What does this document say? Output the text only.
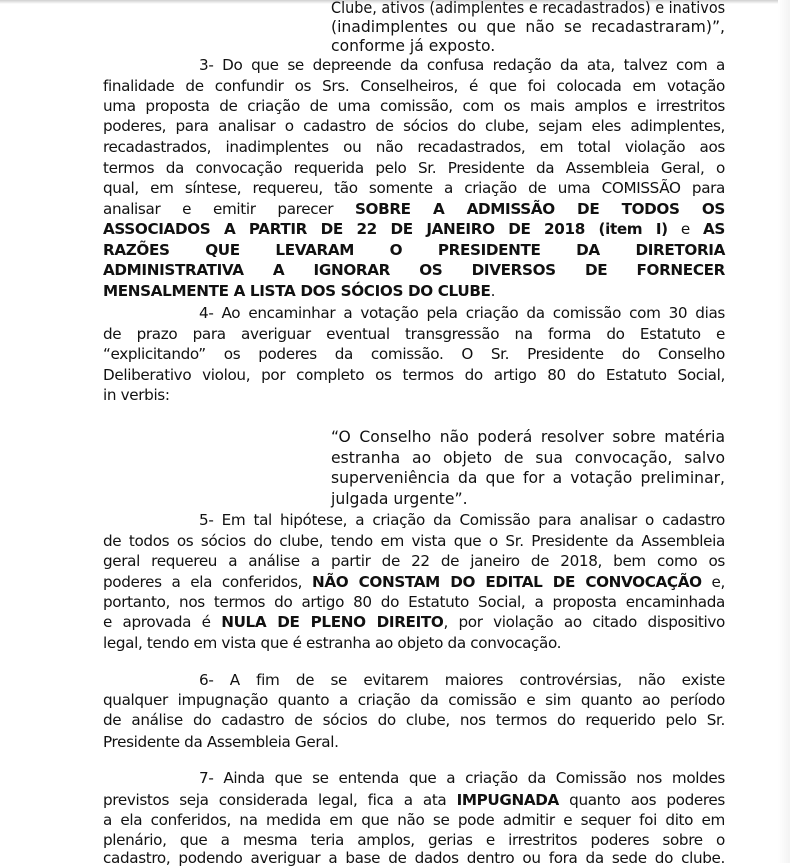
Clube, ativos (adimplentes e recadastrados) e inativos
(inadimplentes ou que não se recadastraram)”,
conforme já exposto.
3- Do que se depreende da confusa redação da ata, talvez com a
finalidade de confundir os Srs. Conselheiros, é que foi colocada em votação
uma proposta de criação de uma comissão, com os mais amplos e irrestritos
poderes, para analisar o cadastro de sócios do clube, sejam eles adimplentes,
recadastrados, inadimplentes ou não recadastrados, em total violação aos
termos da convocação requerida pelo Sr. Presidente da Assembleia Geral, o
qual, em síntese, requereu, tão somente a criação de uma COMISSÃO para
analisar e emitir parecer SOBRE A ADMISSÃO DE TODOS OS
ASSOCIADOS A PARTIR DE 22 DE JANEIRO DE 2018 (item I) e AS
RAZÕES QUE LEVARAM O PRESIDENTE DA DIRETORIA
ADMINISTRATIVA A IGNORAR OS DIVERSOS DE FORNECER
MENSALMENTE A LISTA DOS SÓCIOS DO CLUBE.
4- Ao encaminhar a votação pela criação da comissão com 30 dias
de prazo para averiguar eventual transgressão na forma do Estatuto e
“explicitando” os poderes da comissão. O Sr. Presidente do Conselho
Deliberativo violou, por completo os termos do artigo 80 do Estatuto Social,
in verbis:
“O Conselho não poderá resolver sobre matéria
estranha ao objeto de sua convocação, salvo
superveniência da que for a votação preliminar,
julgada urgente”.
5- Em tal hipótese, a criação da Comissão para analisar o cadastro
de todos os sócios do clube, tendo em vista que o Sr. Presidente da Assembleia
geral requereu a análise a partir de 22 de janeiro de 2018, bem como os
poderes a ela conferidos, NÃO CONSTAM DO EDITAL DE CONVOCAÇÃO e,
portanto, nos termos do artigo 80 do Estatuto Social, a proposta encaminhada
e aprovada é NULA DE PLENO DIREITO, por violação ao citado dispositivo
legal, tendo em vista que é estranha ao objeto da convocação.
6- A fim de se evitarem maiores controvérsias, não existe
qualquer impugnação quanto a criação da comissão e sim quanto ao período
de análise do cadastro de sócios do clube, nos termos do requerido pelo Sr.
Presidente da Assembleia Geral.
7- Ainda que se entenda que a criação da Comissão nos moldes
previstos seja considerada legal, fica a ata IMPUGNADA quanto aos poderes
a ela conferidos, na medida em que não se pode admitir e sequer foi dito em
plenário, que a mesma teria amplos, gerias e irrestritos poderes sobre o
cadastro, podendo averiguar a base de dados dentro ou fora da sede do clube.
